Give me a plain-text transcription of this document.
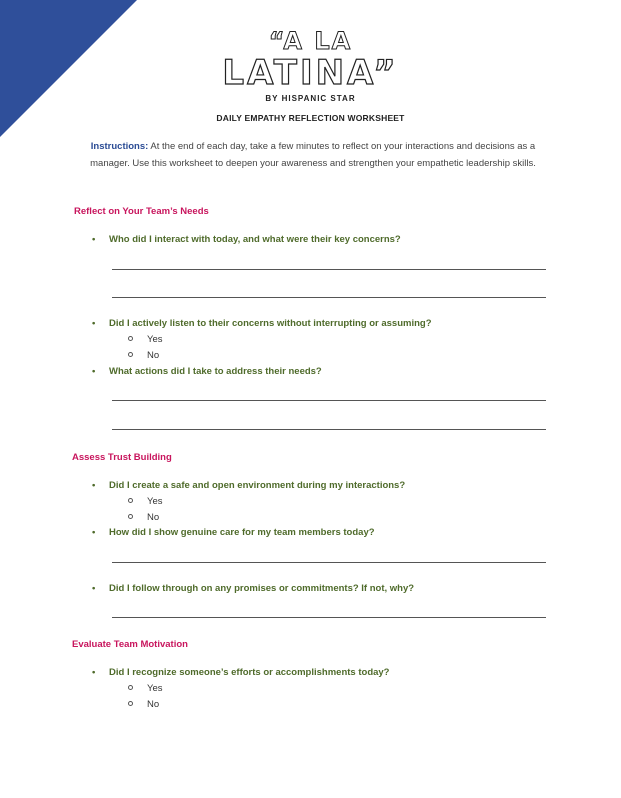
“A LA
LATINA”
BY HISPANIC STAR
DAILY EMPATHY REFLECTION WORKSHEET
Instructions: At the end of each day, take a few minutes to reflect on your interactions and decisions as a manager. Use this worksheet to deepen your awareness and strengthen your empathetic leadership skills.
Reflect on Your Team’s Needs
• Who did I interact with today, and what were their key concerns?
• Did I actively listen to their concerns without interrupting or assuming?
Yes
No
• What actions did I take to address their needs?
Assess Trust Building
• Did I create a safe and open environment during my interactions?
Yes
No
• How did I show genuine care for my team members today?
• Did I follow through on any promises or commitments? If not, why?
Evaluate Team Motivation
• Did I recognize someone’s efforts or accomplishments today?
Yes
No
